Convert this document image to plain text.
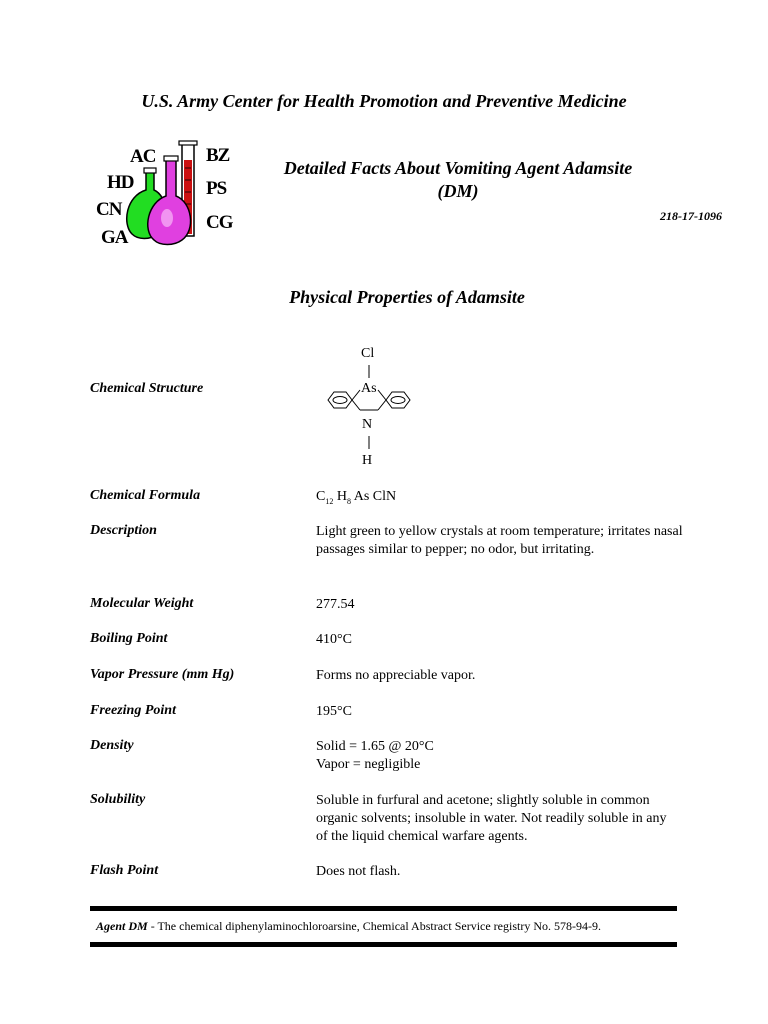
U.S. Army Center for Health Promotion and Preventive Medicine
AC
HD
CN
GA
BZ
PS
CG
Detailed Facts About Vomiting Agent Adamsite
(DM)
218-17-1096
Physical Properties of Adamsite
Chemical Structure
Cl
As
N
H
Chemical Formula	$C_{12}$ $H_8$ As ClN
Description	Light green to yellow crystals at room temperature; irritates nasal passages similar to pepper; no odor, but irritating.
Molecular Weight	277.54
Boiling Point	410°C
Vapor Pressure (mm Hg)	Forms no appreciable vapor.
Freezing Point	195°C
Density	Solid = 1.65 @ 20°C
Vapor = negligible
Solubility	Soluble in furfural and acetone; slightly soluble in common organic solvents; insoluble in water. Not readily soluble in any of the liquid chemical warfare agents.
Flash Point	Does not flash.
Agent DM - The chemical diphenylaminochloroarsine, Chemical Abstract Service registry No. 578-94-9.
